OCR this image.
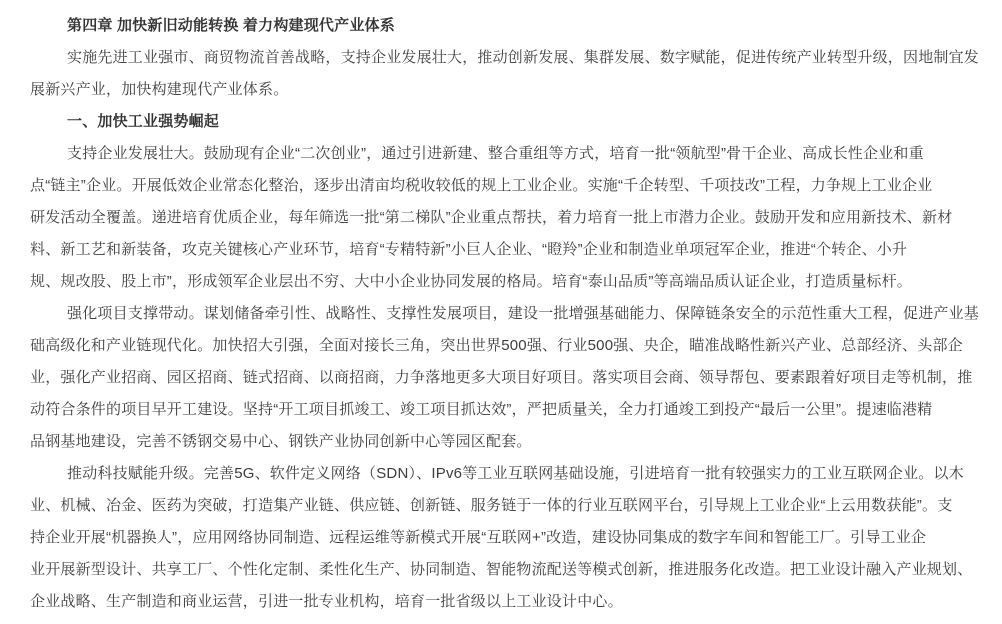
第四章 加快新旧动能转换 着力构建现代产业体系
实施先进工业强市、商贸物流首善战略，支持企业发展壮大，推动创新发展、集群发展、数字赋能，促进传统产业转型升级，因地制宜发
展新兴产业，加快构建现代产业体系。
一、加快工业强势崛起
支持企业发展壮大。鼓励现有企业“二次创业”，通过引进新建、整合重组等方式，培育一批“领航型”骨干企业、高成长性企业和重
点“链主”企业。开展低效企业常态化整治，逐步出清亩均税收较低的规上工业企业。实施“千企转型、千项技改”工程，力争规上工业企业
研发活动全覆盖。递进培育优质企业，每年筛选一批“第二梯队”企业重点帮扶，着力培育一批上市潜力企业。鼓励开发和应用新技术、新材
料、新工艺和新装备，攻克关键核心产业环节，培育“专精特新”小巨人企业、“瞪羚”企业和制造业单项冠军企业，推进“个转企、小升
规、规改股、股上市”，形成领军企业层出不穷、大中小企业协同发展的格局。培育“泰山品质”等高端品质认证企业，打造质量标杆。
强化项目支撑带动。谋划储备牵引性、战略性、支撑性发展项目，建设一批增强基础能力、保障链条安全的示范性重大工程，促进产业基
础高级化和产业链现代化。加快招大引强，全面对接长三角，突出世界500强、行业500强、央企，瞄准战略性新兴产业、总部经济、头部企
业，强化产业招商、园区招商、链式招商、以商招商，力争落地更多大项目好项目。落实项目会商、领导帮包、要素跟着好项目走等机制，推
动符合条件的项目早开工建设。坚持“开工项目抓竣工、竣工项目抓达效”，严把质量关，全力打通竣工到投产“最后一公里”。提速临港精
品钢基地建设，完善不锈钢交易中心、钢铁产业协同创新中心等园区配套。
推动科技赋能升级。完善5G、软件定义网络（SDN）、IPv6等工业互联网基础设施，引进培育一批有较强实力的工业互联网企业。以木
业、机械、冶金、医药为突破，打造集产业链、供应链、创新链、服务链于一体的行业互联网平台，引导规上工业企业“上云用数获能”。支
持企业开展“机器换人”，应用网络协同制造、远程运维等新模式开展“互联网+”改造，建设协同集成的数字车间和智能工厂。引导工业企
业开展新型设计、共享工厂、个性化定制、柔性化生产、协同制造、智能物流配送等模式创新，推进服务化改造。把工业设计融入产业规划、
企业战略、生产制造和商业运营，引进一批专业机构，培育一批省级以上工业设计中心。
